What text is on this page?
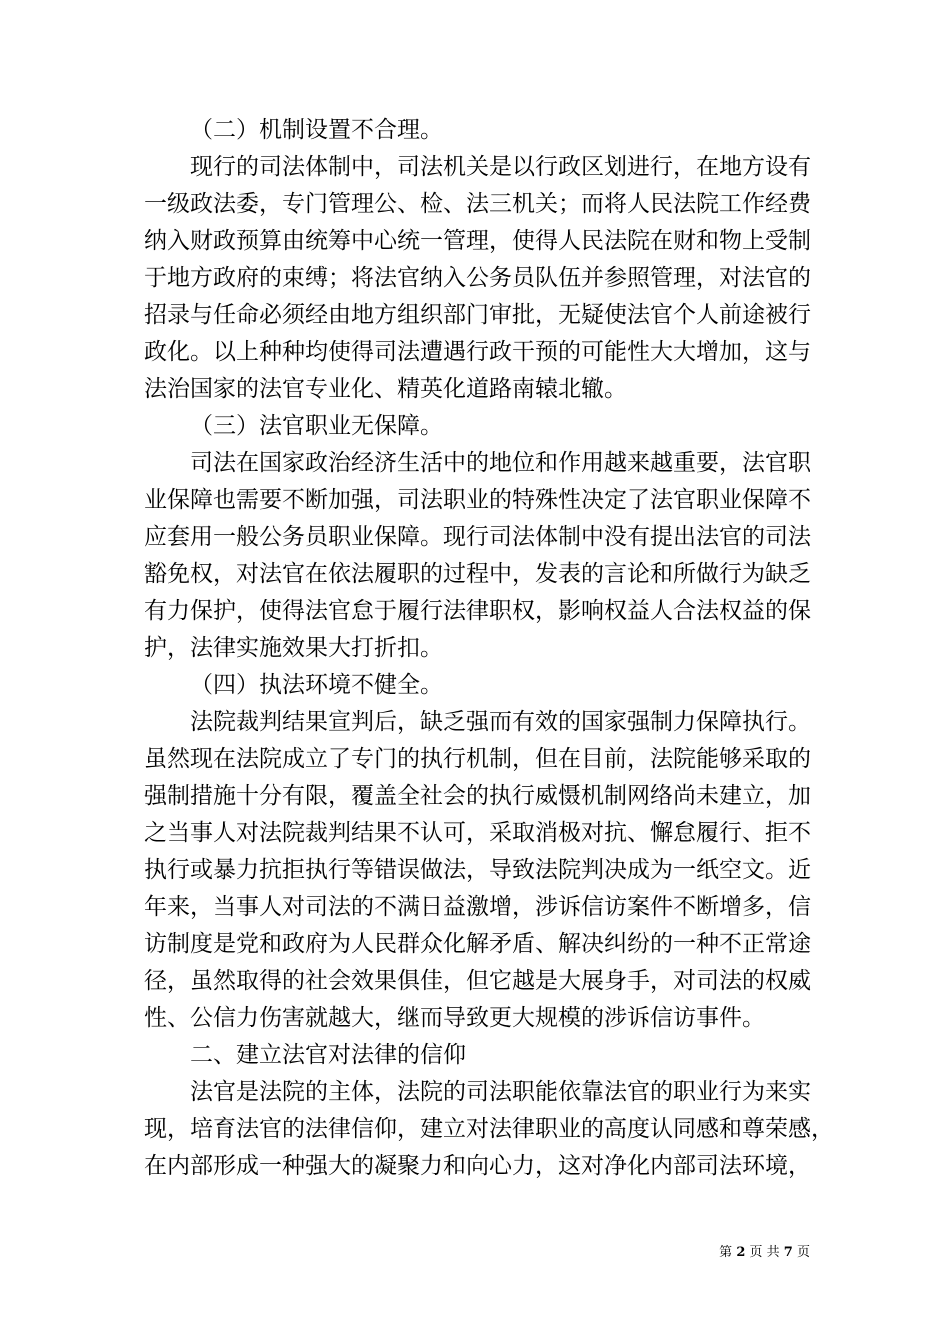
（二）机制设置不合理。

现行的司法体制中，司法机关是以行政区划进行，在地方设有
一级政法委，专门管理公、检、法三机关；而将人民法院工作经费
纳入财政预算由统筹中心统一管理，使得人民法院在财和物上受制
于地方政府的束缚；将法官纳入公务员队伍并参照管理，对法官的
招录与任命必须经由地方组织部门审批，无疑使法官个人前途被行
政化。以上种种均使得司法遭遇行政干预的可能性大大增加，这与
法治国家的法官专业化、精英化道路南辕北辙。

（三）法官职业无保障。

司法在国家政治经济生活中的地位和作用越来越重要，法官职
业保障也需要不断加强，司法职业的特殊性决定了法官职业保障不
应套用一般公务员职业保障。现行司法体制中没有提出法官的司法
豁免权，对法官在依法履职的过程中，发表的言论和所做行为缺乏
有力保护，使得法官怠于履行法律职权，影响权益人合法权益的保
护，法律实施效果大打折扣。

（四）执法环境不健全。

法院裁判结果宣判后，缺乏强而有效的国家强制力保障执行。
虽然现在法院成立了专门的执行机制，但在目前，法院能够采取的
强制措施十分有限，覆盖全社会的执行威慑机制网络尚未建立，加
之当事人对法院裁判结果不认可，采取消极对抗、懈怠履行、拒不
执行或暴力抗拒执行等错误做法，导致法院判决成为一纸空文。近
年来，当事人对司法的不满日益激增，涉诉信访案件不断增多，信
访制度是党和政府为人民群众化解矛盾、解决纠纷的一种不正常途
径，虽然取得的社会效果俱佳，但它越是大展身手，对司法的权威
性、公信力伤害就越大，继而导致更大规模的涉诉信访事件。

二、建立法官对法律的信仰

法官是法院的主体，法院的司法职能依靠法官的职业行为来实
现，培育法官的法律信仰，建立对法律职业的高度认同感和尊荣感，
在内部形成一种强大的凝聚力和向心力，这对净化内部司法环境，

第 2 页 共 7 页
